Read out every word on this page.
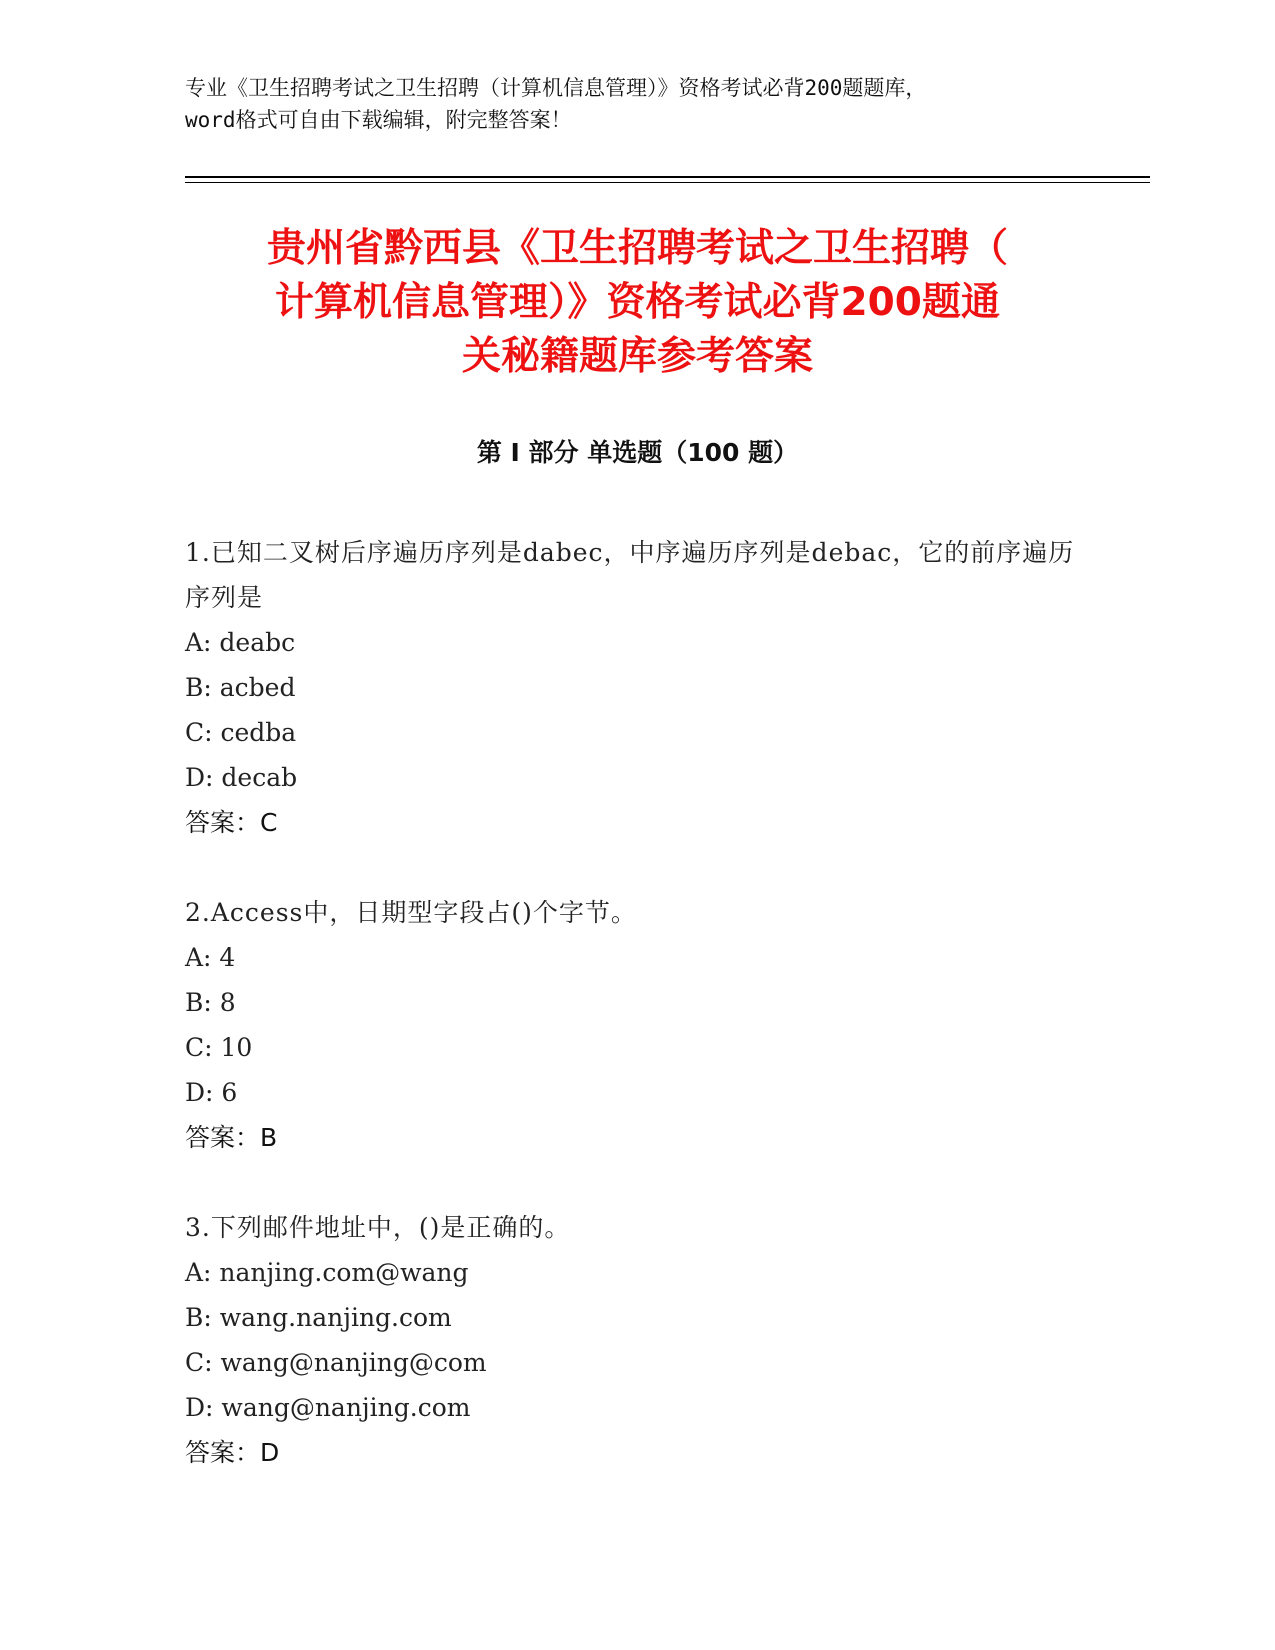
专业《卫生招聘考试之卫生招聘（计算机信息管理）》资格考试必背200题题库，
word格式可自由下载编辑，附完整答案！
贵州省黔西县《卫生招聘考试之卫生招聘（
计算机信息管理）》资格考试必背200题通
关秘籍题库参考答案
第 I 部分 单选题（100 题）
1.已知二叉树后序遍历序列是dabec，中序遍历序列是debac，它的前序遍历序列是
A: deabc
B: acbed
C: cedba
D: decab
答案：C
2.Access中，日期型字段占()个字节。
A: 4
B: 8
C: 10
D: 6
答案：B
3.下列邮件地址中，()是正确的。
A: nanjing.com@wang
B: wang.nanjing.com
C: wang@nanjing@com
D: wang@nanjing.com
答案：D
